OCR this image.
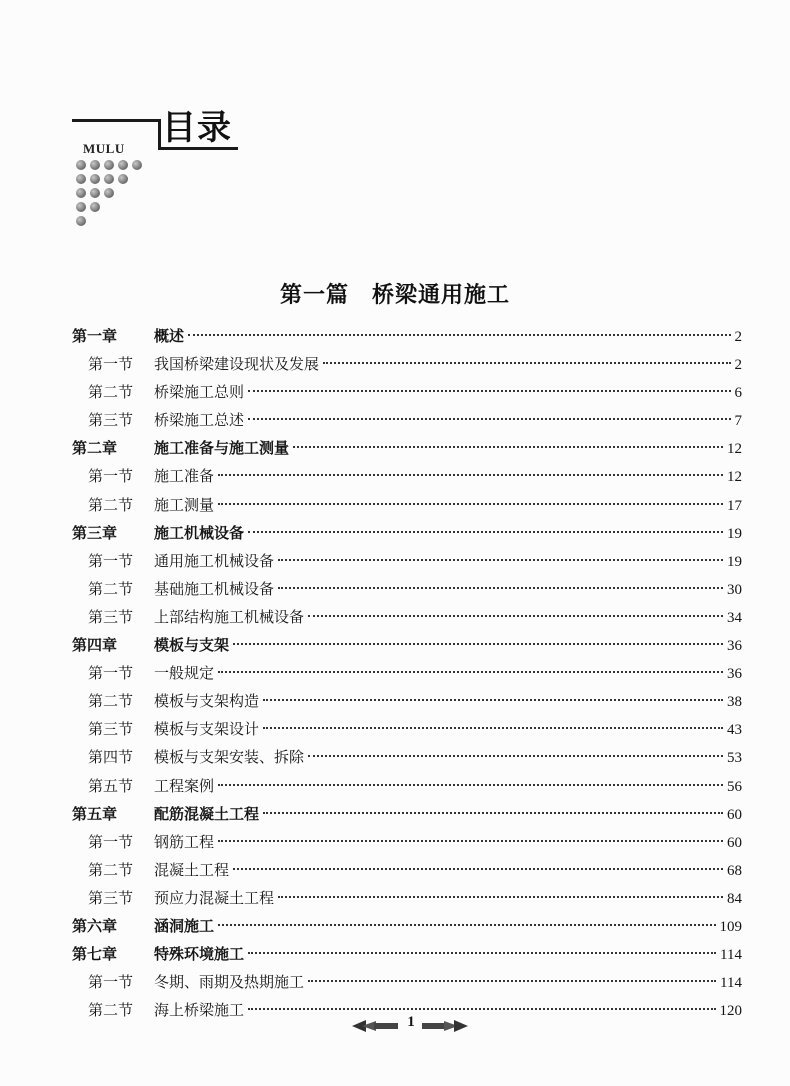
目录
MULU
第一篇　桥梁通用施工
第一章	概述	2
第一节	我国桥梁建设现状及发展	2
第二节	桥梁施工总则	6
第三节	桥梁施工总述	7
第二章	施工准备与施工测量	12
第一节	施工准备	12
第二节	施工测量	17
第三章	施工机械设备	19
第一节	通用施工机械设备	19
第二节	基础施工机械设备	30
第三节	上部结构施工机械设备	34
第四章	模板与支架	36
第一节	一般规定	36
第二节	模板与支架构造	38
第三节	模板与支架设计	43
第四节	模板与支架安装、拆除	53
第五节	工程案例	56
第五章	配筋混凝土工程	60
第一节	钢筋工程	60
第二节	混凝土工程	68
第三节	预应力混凝土工程	84
第六章	涵洞施工	109
第七章	特殊环境施工	114
第一节	冬期、雨期及热期施工	114
第二节	海上桥梁施工	120
1
